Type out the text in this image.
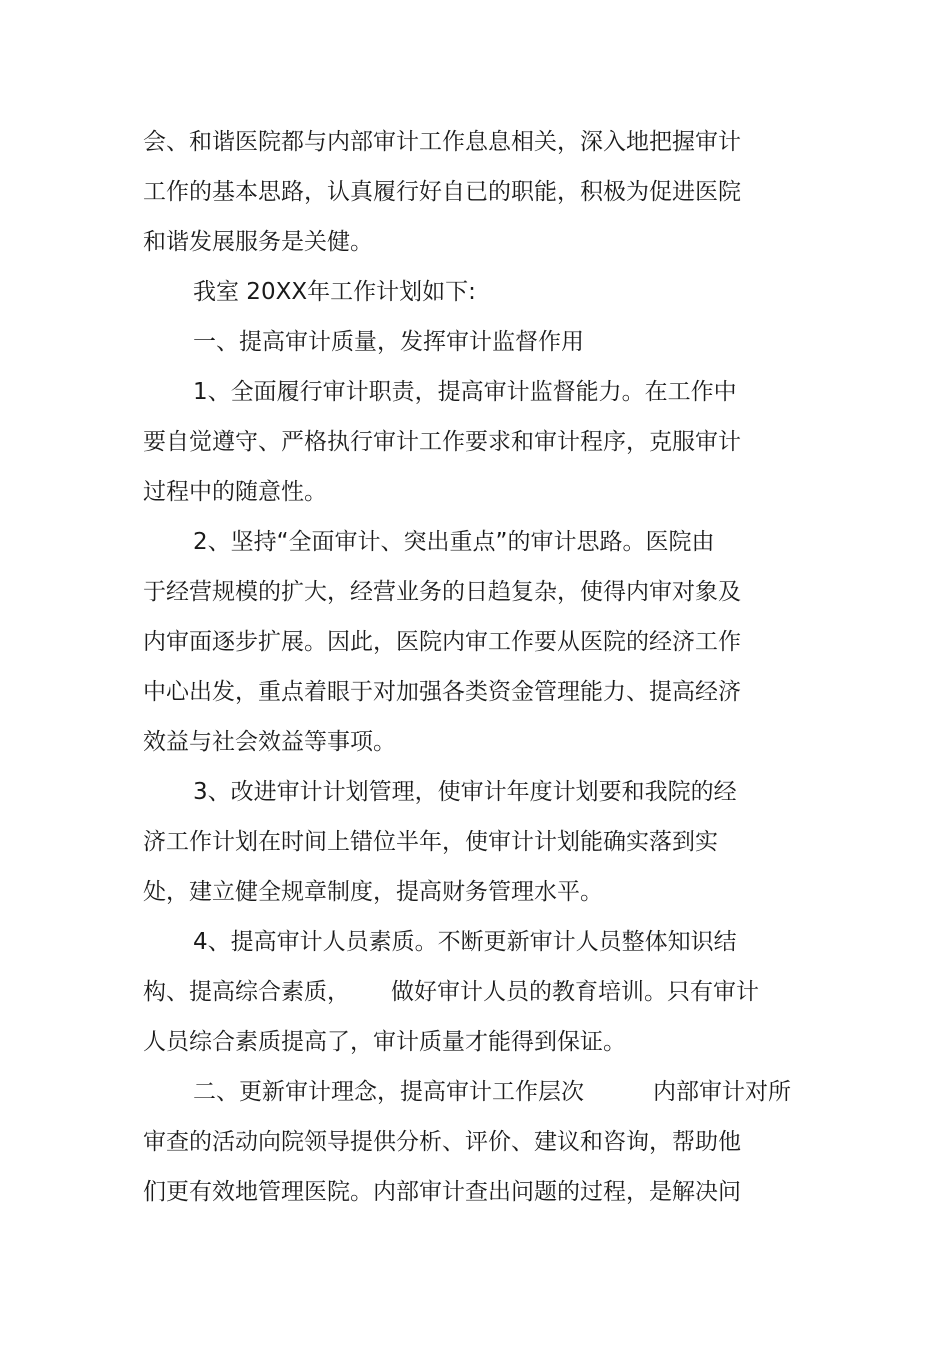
会、和谐医院都与内部审计工作息息相关，深入地把握审计

工作的基本思路，认真履行好自已的职能，积极为促进医院

和谐发展服务是关健。

我室 20XX年工作计划如下:

一、提高审计质量，发挥审计监督作用

1、全面履行审计职责，提高审计监督能力。在工作中

要自觉遵守、严格执行审计工作要求和审计程序，克服审计

过程中的随意性。

2、坚持“全面审计、突出重点”的审计思路。医院由

于经营规模的扩大，经营业务的日趋复杂，使得内审对象及

内审面逐步扩展。因此，医院内审工作要从医院的经济工作

中心出发，重点着眼于对加强各类资金管理能力、提高经济

效益与社会效益等事项。

3、改进审计计划管理，使审计年度计划要和我院的经

济工作计划在时间上错位半年，使审计计划能确实落到实

处，建立健全规章制度，提高财务管理水平。

4、提高审计人员素质。不断更新审计人员整体知识结

构、提高综合素质， 做好审计人员的教育培训。只有审计

人员综合素质提高了，审计质量才能得到保证。

二、更新审计理念，提高审计工作层次	内部审计对所

审查的活动向院领导提供分析、评价、建议和咨询，帮助他

们更有效地管理医院。内部审计查出问题的过程，是解决问
